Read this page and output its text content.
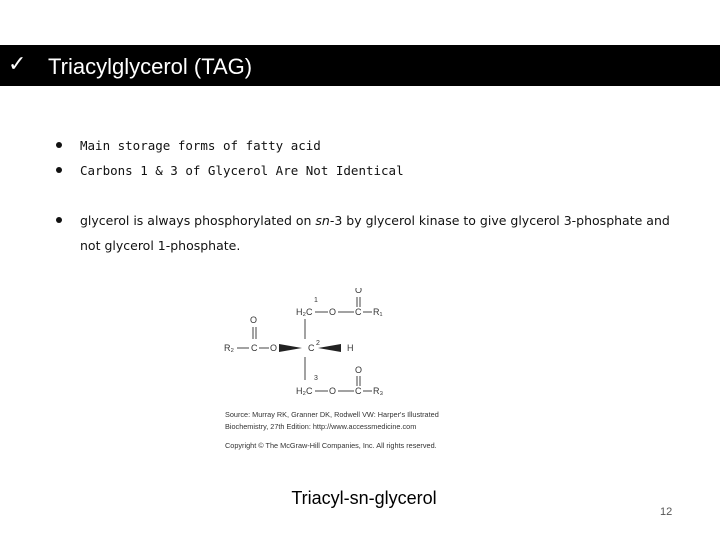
✓ Triacylglycerol (TAG)
Main storage forms of fatty acid
Carbons 1 & 3 of Glycerol Are Not Identical
glycerol is always phosphorylated on sn-3 by glycerol kinase to give glycerol 3-phosphate and not glycerol 1-phosphate.
1
O
H₂C O C R₁
O
R₂ C O	C 2	H
3
O
H₂C O C R₃
Source: Murray RK, Granner DK, Rodwell VW: Harper's Illustrated
Biochemistry, 27th Edition: http://www.accessmedicine.com
Copyright © The McGraw-Hill Companies, Inc. All rights reserved.
Triacyl-sn-glycerol
12
